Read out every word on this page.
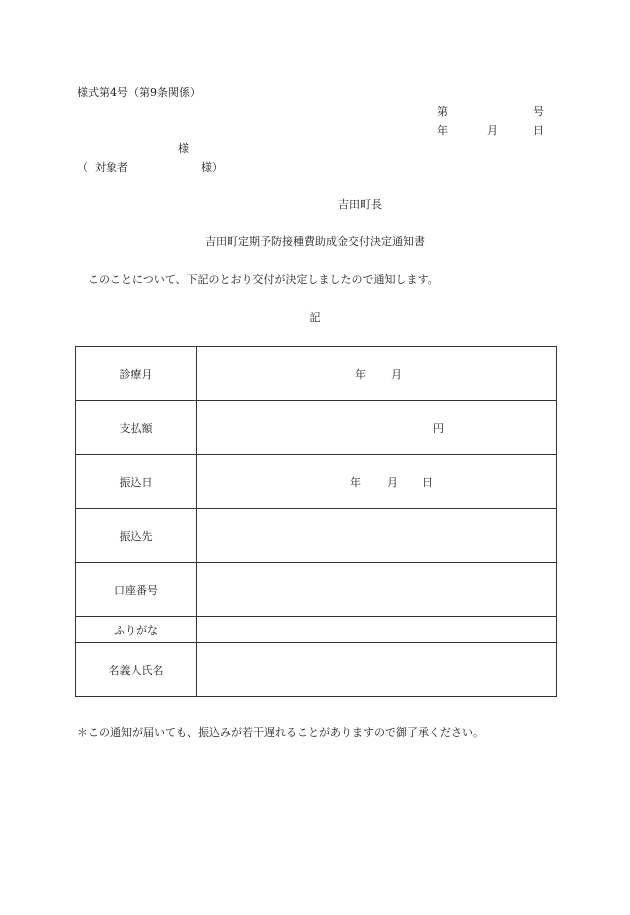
様式第4号（第9条関係）
第	号
年	月	日
様
（ 対象者	様）
吉田町長
吉田町定期予防接種費助成金交付決定通知書
このことについて、下記のとおり交付が決定しましたので通知します。
記
診療月	年 月

支払額	円

振込日	年 月 日

振込先	
口座番号	
ふりがな	
名義人氏名	
＊この通知が届いても、振込みが若干遅れることがありますので御了承ください。
